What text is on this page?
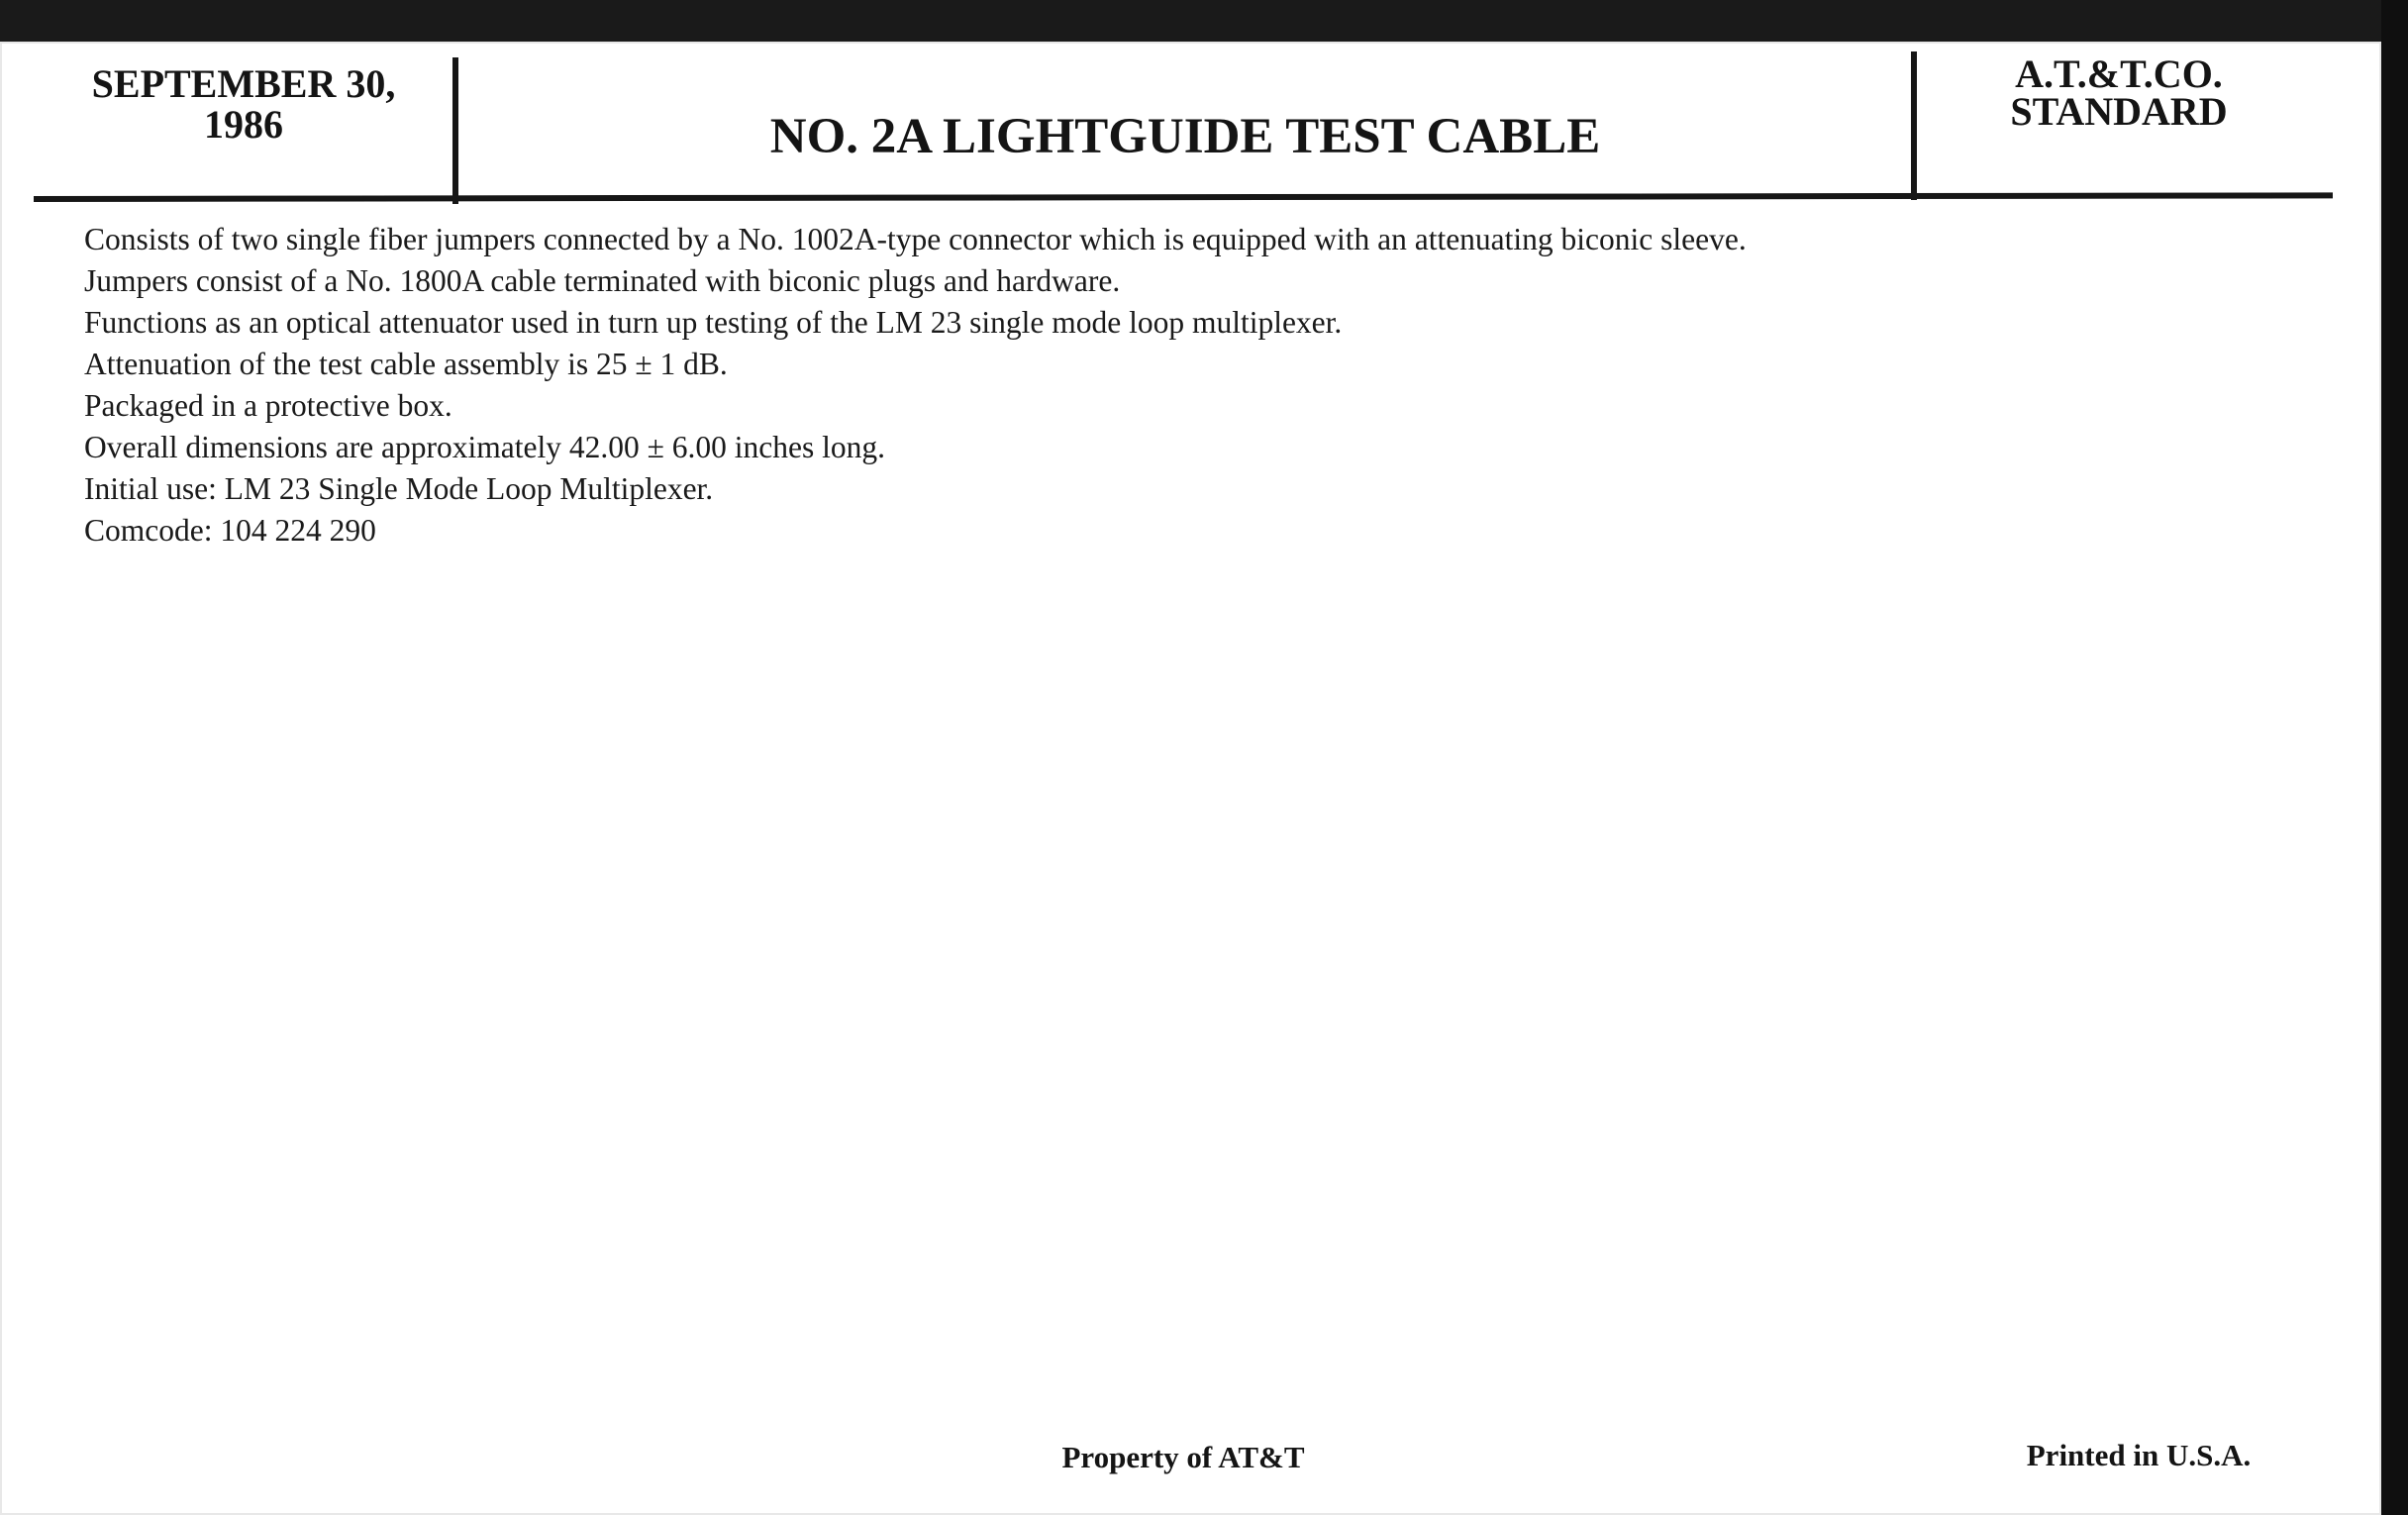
SEPTEMBER 30,
1986	NO. 2A LIGHTGUIDE TEST CABLE
A.T.&T.CO.
STANDARD
Consists of two single fiber jumpers connected by a No. 1002A-type connector which is equipped with an attenuating biconic sleeve.
Jumpers consist of a No. 1800A cable terminated with biconic plugs and hardware.
Functions as an optical attenuator used in turn up testing of the LM 23 single mode loop multiplexer.
Attenuation of the test cable assembly is 25 ± 1 dB.
Packaged in a protective box.
Overall dimensions are approximately 42.00 ± 6.00 inches long.
Initial use: LM 23 Single Mode Loop Multiplexer.
Comcode: 104 224 290
Property of AT&T	Printed in U.S.A.
